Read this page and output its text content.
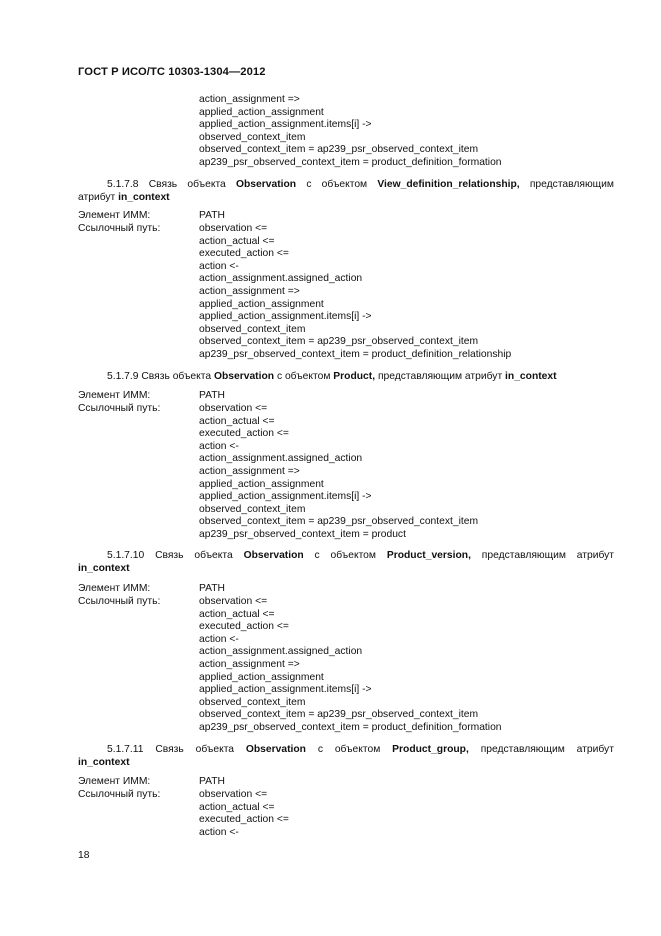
ГОСТ Р ИСО/ТС 10303-1304—2012
action_assignment =>
applied_action_assignment
applied_action_assignment.items[i] ->
observed_context_item
observed_context_item = ap239_psr_observed_context_item
ap239_psr_observed_context_item = product_definition_formation
5.1.7.8 Связь объекта Observation с объектом View_definition_relationship, представляющим
атрибут in_context
Элемент ИММ:	PATH
Ссылочный путь:	observation <=
action_actual <=
executed_action <=
action <-
action_assignment.assigned_action
action_assignment =>
applied_action_assignment
applied_action_assignment.items[i] ->
observed_context_item
observed_context_item = ap239_psr_observed_context_item
ap239_psr_observed_context_item = product_definition_relationship
5.1.7.9 Связь объекта Observation с объектом Product, представляющим атрибут in_context
Элемент ИММ:	PATH
Ссылочный путь:	observation <=
action_actual <=
executed_action <=
action <-
action_assignment.assigned_action
action_assignment =>
applied_action_assignment
applied_action_assignment.items[i] ->
observed_context_item
observed_context_item = ap239_psr_observed_context_item
ap239_psr_observed_context_item = product
5.1.7.10 Связь объекта Observation с объектом Product_version, представляющим атрибут
in_context
Элемент ИММ:	PATH
Ссылочный путь:	observation <=
action_actual <=
executed_action <=
action <-
action_assignment.assigned_action
action_assignment =>
applied_action_assignment
applied_action_assignment.items[i] ->
observed_context_item
observed_context_item = ap239_psr_observed_context_item
ap239_psr_observed_context_item = product_definition_formation
5.1.7.11 Связь объекта Observation с объектом Product_group, представляющим атрибут
in_context
Элемент ИММ:	PATH
Ссылочный путь:	observation <=
action_actual <=
executed_action <=
action <-
18
